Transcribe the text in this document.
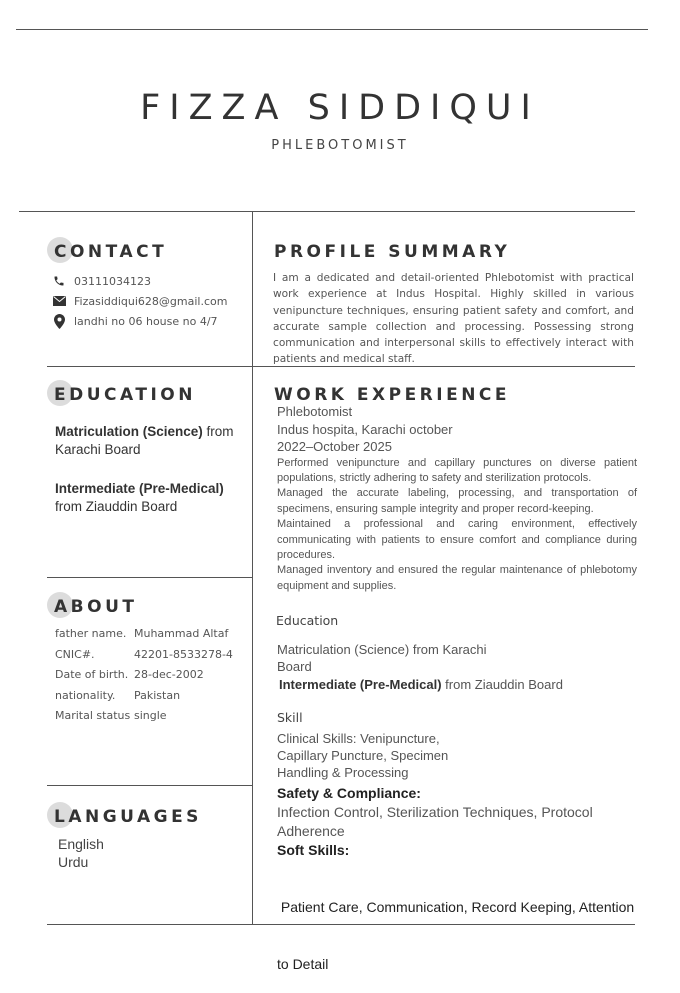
FIZZA SIDDIQUI
PHLEBOTOMIST
CONTACT
03111034123
Fizasiddiqui628@gmail.com
landhi no 06 house no 4/7
PROFILE SUMMARY
I am a dedicated and detail-oriented Phlebotomist with practical work experience at Indus Hospital. Highly skilled in various venipuncture techniques, ensuring patient safety and comfort, and accurate sample collection and processing. Possessing strong communication and interpersonal skills to effectively interact with patients and medical staff.
EDUCATION
Matriculation (Science) from Karachi Board
Intermediate (Pre-Medical)
from Ziauddin Board
ABOUT
father name. Muhammad Altaf
CNIC#.	42201-8533278-4
Date of birth. 28-dec-2002
nationality.	Pakistan
Marital status single
LANGUAGES
English
Urdu
WORK EXPERIENCE
Phlebotomist
Indus hospita, Karachi october
2022–October 2025
Performed venipuncture and capillary punctures on diverse patient populations, strictly adhering to safety and sterilization protocols.
Managed the accurate labeling, processing, and transportation of specimens, ensuring sample integrity and proper record-keeping.
Maintained a professional and caring environment, effectively communicating with patients to ensure comfort and compliance during procedures.
Managed inventory and ensured the regular maintenance of phlebotomy equipment and supplies.
Education
Matriculation (Science) from Karachi
Board
Intermediate (Pre-Medical) from Ziauddin Board
Skill
Clinical Skills: Venipuncture,
Capillary Puncture, Specimen
Handling & Processing
Safety & Compliance:
Infection Control, Sterilization Techniques, Protocol
Adherence
Soft Skills:

Patient Care, Communication, Record Keeping, Attention

to Detail
